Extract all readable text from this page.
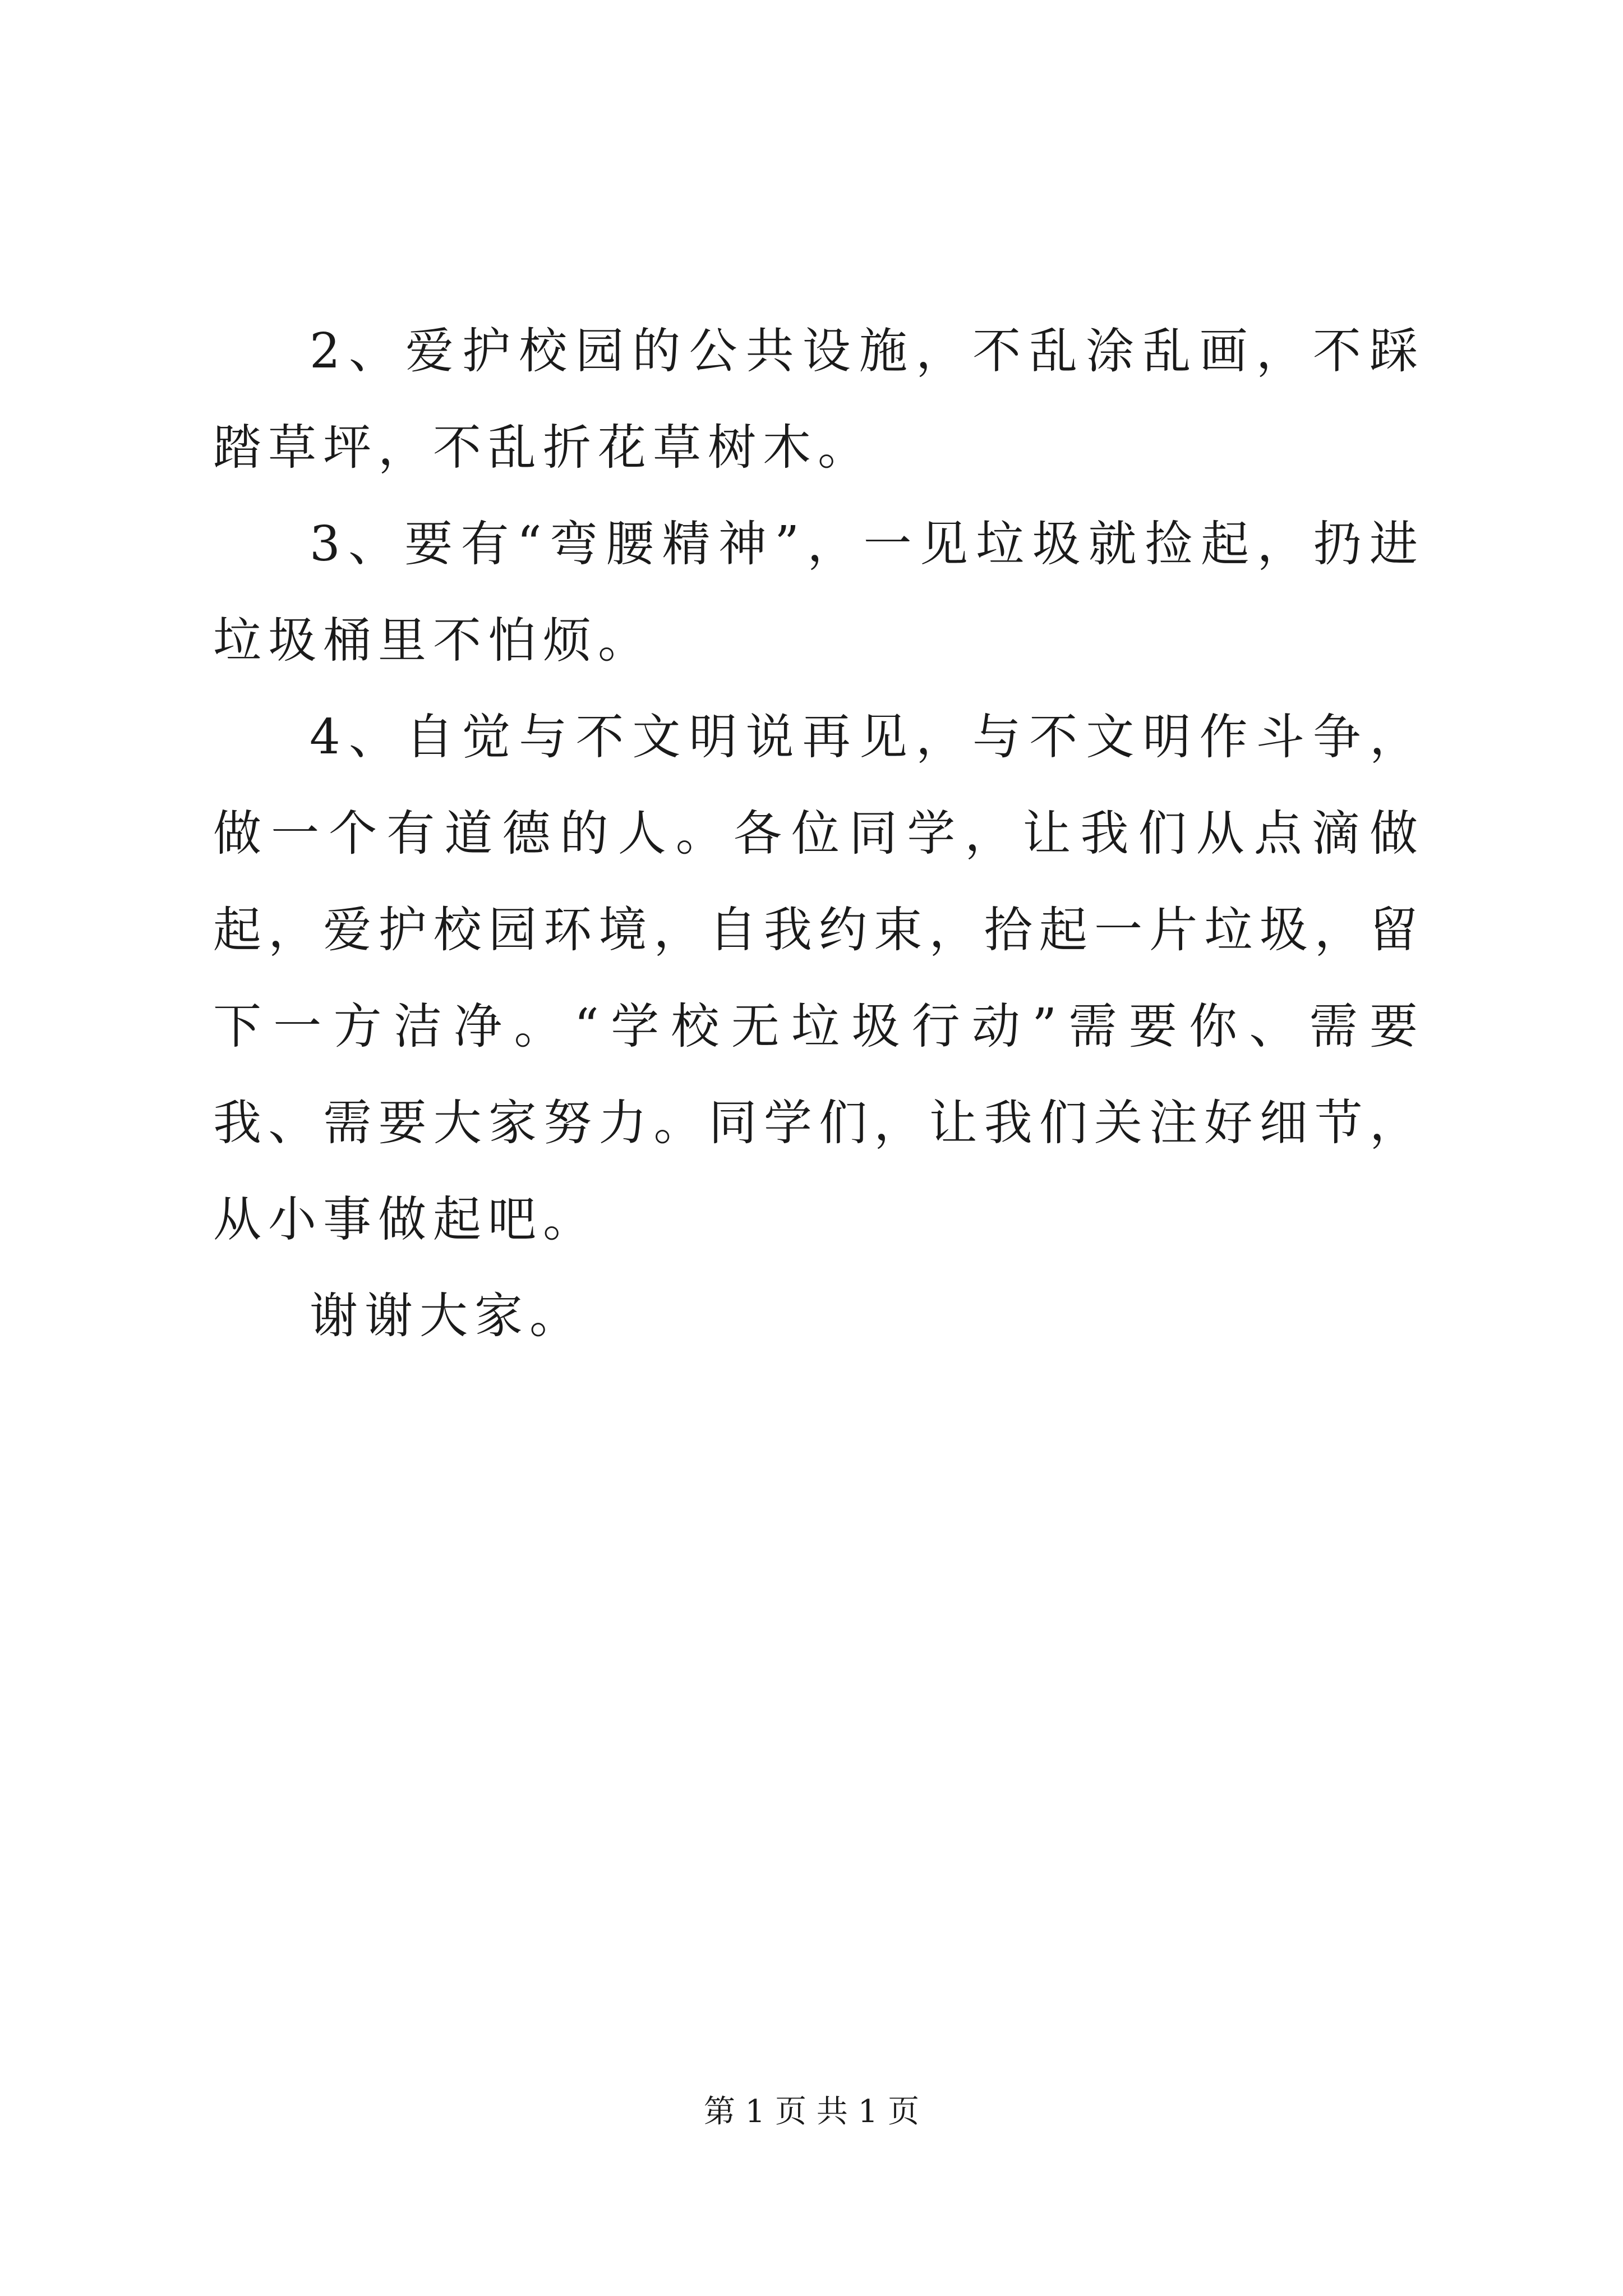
2、爱护校园的公共设施，不乱涂乱画，不踩踏草坪，不乱折花草树木。

3、要有“弯腰精神”，一见垃圾就捡起，扔进垃圾桶里不怕烦。

4、自觉与不文明说再见，与不文明作斗争，做一个有道德的人。各位同学，让我们从点滴做起，爱护校园环境，自我约束，拾起一片垃圾，留下一方洁净。“学校无垃圾行动”需要你、需要我、需要大家努力。同学们，让我们关注好细节，从小事做起吧。

谢谢大家。

第 1 页 共 1 页
